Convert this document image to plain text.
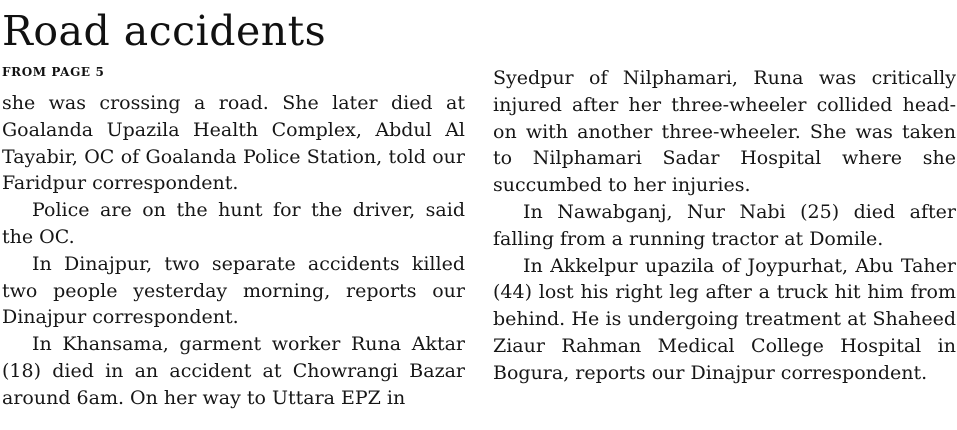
Road accidents
FROM PAGE 5

she was crossing a road. She later died at Goalanda Upazila Health Complex, Abdul Al Tayabir, OC of Goalanda Police Station, told our Faridpur correspondent.

Police are on the hunt for the driver, said the OC.

In Dinajpur, two separate accidents killed two people yesterday morning, reports our Dinajpur correspondent.

In Khansama, garment worker Runa Aktar (18) died in an accident at Chowrangi Bazar around 6am. On her way to Uttara EPZ in

Syedpur of Nilphamari, Runa was critically injured after her three-wheeler collided head-on with another three-wheeler. She was taken to Nilphamari Sadar Hospital where she succumbed to her injuries.

In Nawabganj, Nur Nabi (25) died after falling from a running tractor at Domile.

In Akkelpur upazila of Joypurhat, Abu Taher (44) lost his right leg after a truck hit him from behind. He is undergoing treatment at Shaheed Ziaur Rahman Medical College Hospital in Bogura, reports our Dinajpur correspondent.
